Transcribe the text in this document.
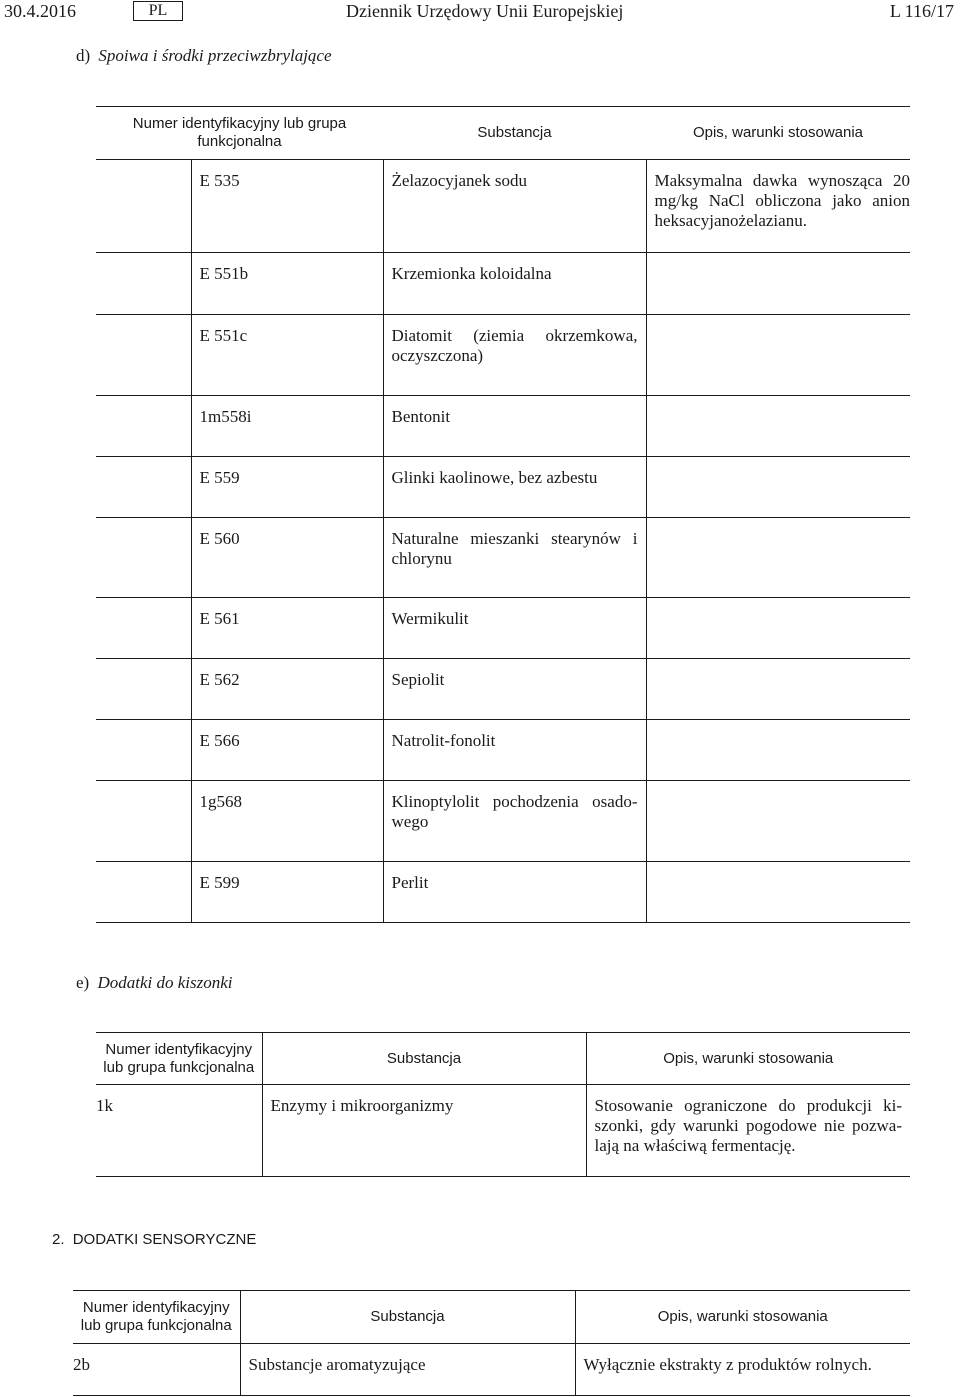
30.4.2016	PL	Dziennik Urzędowy Unii Europejskiej	L 116/17
d) Spoiwa i środki przeciwzbrylające
Numer identyfikacyjny lub grupa funkcjonalna		Substancja	Opis, warunki stosowania
	E 535	Żelazocyjanek sodu	Maksymalna dawka wynosząca 20 mg/kg NaCl obliczona jako anion heksacyjanożelazianu.
	E 551b	Krzemionka koloidalna	
	E 551c	Diatomit (ziemia okrzemkowa, oczyszczona)	
	1m558i	Bentonit	
	E 559	Glinki kaolinowe, bez azbestu	
	E 560	Naturalne mieszanki stearynów i chlorynu	
	E 561	Wermikulit	
	E 562	Sepiolit	
	E 566	Natrolit-fonolit	
	1g568	Klinoptylolit pochodzenia osadowego	
	E 599	Perlit	
e) Dodatki do kiszonki
Numer identyfikacyjny lub grupa funkcjonalna	Substancja	Opis, warunki stosowania
1k	Enzymy i mikroorganizmy	Stosowanie ograniczone do produkcji kiszonki, gdy warunki pogodowe nie pozwalają na właściwą fermentację.
2. DODATKI SENSORYCZNE
Numer identyfikacyjny lub grupa funkcjonalna	Substancja	Opis, warunki stosowania
2b	Substancje aromatyzujące	Wyłącznie ekstrakty z produktów rolnych.
